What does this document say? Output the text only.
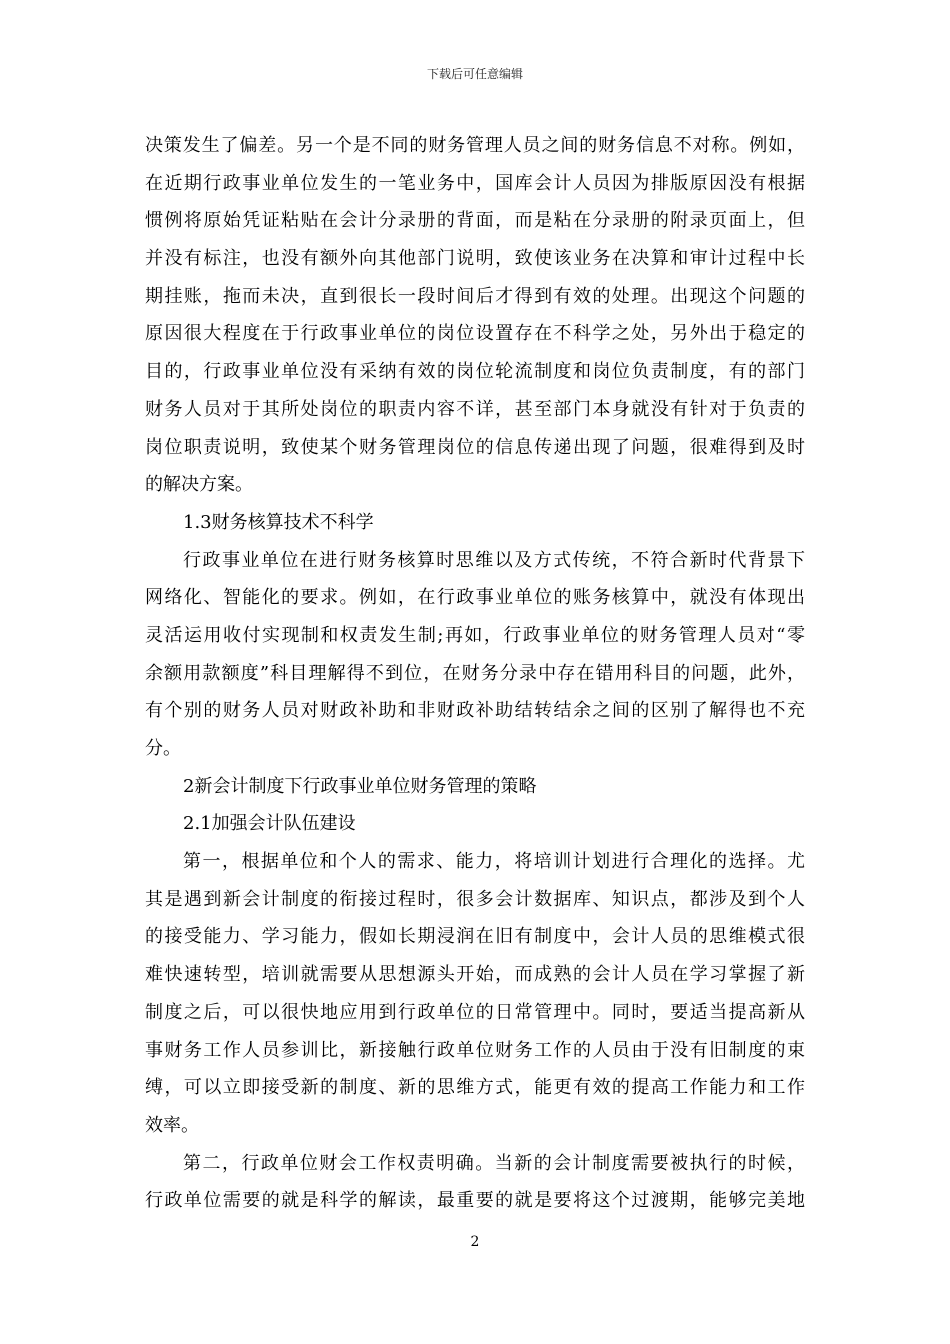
下载后可任意编辑
决策发生了偏差。另一个是不同的财务管理人员之间的财务信息不对称。例如，
在近期行政事业单位发生的一笔业务中，国库会计人员因为排版原因没有根据
惯例将原始凭证粘贴在会计分录册的背面，而是粘在分录册的附录页面上，但
并没有标注，也没有额外向其他部门说明，致使该业务在决算和审计过程中长
期挂账，拖而未决，直到很长一段时间后才得到有效的处理。出现这个问题的
原因很大程度在于行政事业单位的岗位设置存在不科学之处，另外出于稳定的
目的，行政事业单位没有采纳有效的岗位轮流制度和岗位负责制度，有的部门
财务人员对于其所处岗位的职责内容不详，甚至部门本身就没有针对于负责的
岗位职责说明，致使某个财务管理岗位的信息传递出现了问题，很难得到及时
的解决方案。
1.3财务核算技术不科学
行政事业单位在进行财务核算时思维以及方式传统，不符合新时代背景下
网络化、智能化的要求。例如，在行政事业单位的账务核算中，就没有体现出
灵活运用收付实现制和权责发生制;再如，行政事业单位的财务管理人员对“零
余额用款额度”科目理解得不到位，在财务分录中存在错用科目的问题，此外，
有个别的财务人员对财政补助和非财政补助结转结余之间的区别了解得也不充
分。
2新会计制度下行政事业单位财务管理的策略
2.1加强会计队伍建设
第一，根据单位和个人的需求、能力，将培训计划进行合理化的选择。尤
其是遇到新会计制度的衔接过程时，很多会计数据库、知识点，都涉及到个人
的接受能力、学习能力，假如长期浸润在旧有制度中，会计人员的思维模式很
难快速转型，培训就需要从思想源头开始，而成熟的会计人员在学习掌握了新
制度之后，可以很快地应用到行政单位的日常管理中。同时，要适当提高新从
事财务工作人员参训比，新接触行政单位财务工作的人员由于没有旧制度的束
缚，可以立即接受新的制度、新的思维方式，能更有效的提高工作能力和工作
效率。
第二，行政单位财会工作权责明确。当新的会计制度需要被执行的时候，
行政单位需要的就是科学的解读，最重要的就是要将这个过渡期，能够完美地
2
